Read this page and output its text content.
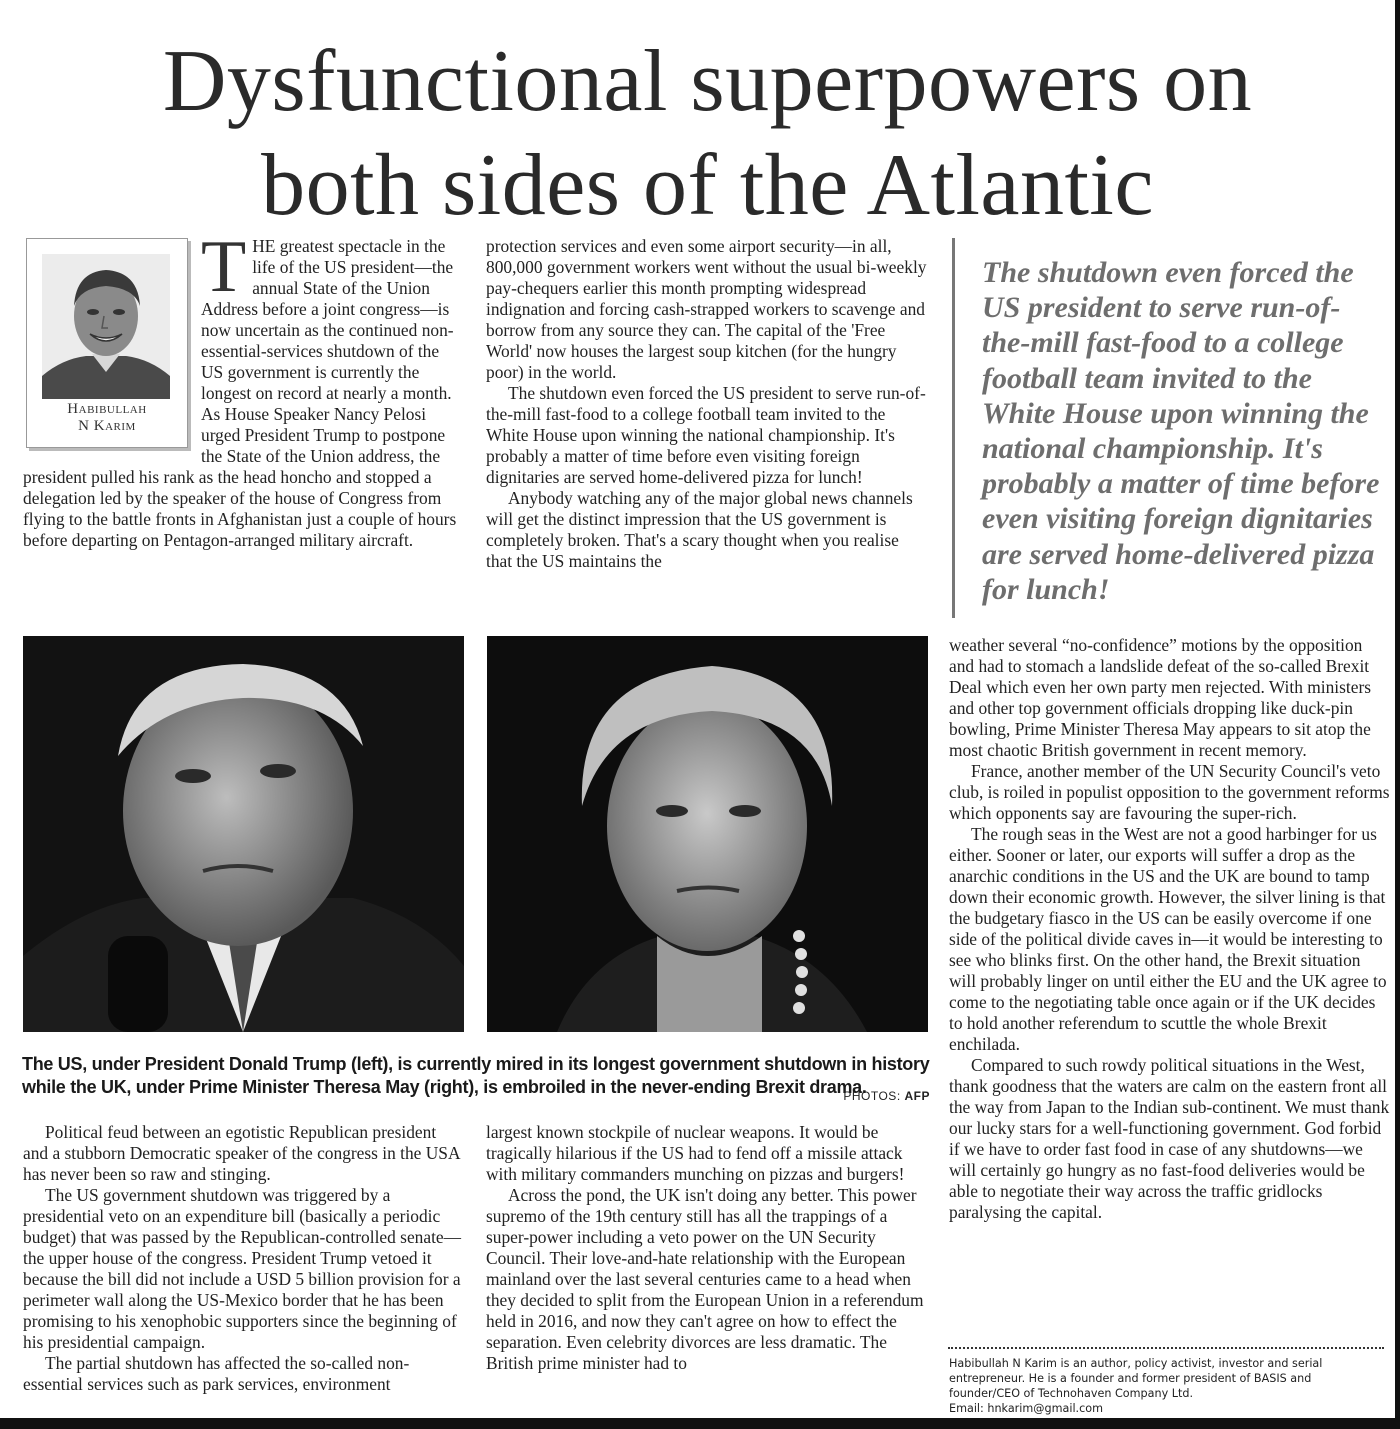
Dysfunctional superpowers on
both sides of the Atlantic
Habibullah
N Karim

THE greatest spectacle in the life of the US president—the annual State of the Union Address before a joint congress—is now uncertain as the continued non-essential-services shutdown of the US government is currently the longest on record at nearly a month.

As House Speaker Nancy Pelosi urged President Trump to postpone the State of the Union address, the president pulled his rank as the head honcho and stopped a delegation led by the speaker of the house of Congress from flying to the battle fronts in Afghanistan just a couple of hours before departing on Pentagon-arranged military aircraft.

protection services and even some airport security—in all, 800,000 government workers went without the usual bi-weekly pay-chequers earlier this month prompting widespread indignation and forcing cash-strapped workers to scavenge and borrow from any source they can. The capital of the 'Free World' now houses the largest soup kitchen (for the hungry poor) in the world.

The shutdown even forced the US president to serve run-of-the-mill fast-food to a college football team invited to the White House upon winning the national championship. It's probably a matter of time before even visiting foreign dignitaries are served home-delivered pizza for lunch!

Anybody watching any of the major global news channels will get the distinct impression that the US government is completely broken. That's a scary thought when you realise that the US maintains the

The shutdown even forced the US president to serve run-of-the-mill fast-food to a college football team invited to the White House upon winning the national championship. It's probably a matter of time before even visiting foreign dignitaries are served home-delivered pizza for lunch!
The US, under President Donald Trump (left), is currently mired in its longest government shutdown in history while the UK, under Prime Minister Theresa May (right), is embroiled in the never-ending Brexit drama.
PHOTOS: AFP

weather several “no-confidence” motions by the opposition and had to stomach a landslide defeat of the so-called Brexit Deal which even her own party men rejected. With ministers and other top government officials dropping like duck-pin bowling, Prime Minister Theresa May appears to sit atop the most chaotic British government in recent memory.

France, another member of the UN Security Council's veto club, is roiled in populist opposition to the government reforms which opponents say are favouring the super-rich.

The rough seas in the West are not a good harbinger for us either. Sooner or later, our exports will suffer a drop as the anarchic conditions in the US and the UK are bound to tamp down their economic growth. However, the silver lining is that the budgetary fiasco in the US can be easily overcome if one side of the political divide caves in—it would be interesting to see who blinks first. On the other hand, the Brexit situation will probably linger on until either the EU and the UK agree to come to the negotiating table once again or if the UK decides to hold another referendum to scuttle the whole Brexit enchilada.

Compared to such rowdy political situations in the West, thank goodness that the waters are calm on the eastern front all the way from Japan to the Indian sub-continent. We must thank our lucky stars for a well-functioning government. God forbid if we have to order fast food in case of any shutdowns—we will certainly go hungry as no fast-food deliveries would be able to negotiate their way across the traffic gridlocks paralysing the capital.

Political feud between an egotistic Republican president and a stubborn Democratic speaker of the congress in the USA has never been so raw and stinging.

The US government shutdown was triggered by a presidential veto on an expenditure bill (basically a periodic budget) that was passed by the Republican-controlled senate—the upper house of the congress. President Trump vetoed it because the bill did not include a USD 5 billion provision for a perimeter wall along the US-Mexico border that he has been promising to his xenophobic supporters since the beginning of his presidential campaign.

The partial shutdown has affected the so-called non-essential services such as park services, environment

largest known stockpile of nuclear weapons. It would be tragically hilarious if the US had to fend off a missile attack with military commanders munching on pizzas and burgers!

Across the pond, the UK isn't doing any better. This power supremo of the 19th century still has all the trappings of a super-power including a veto power on the UN Security Council. Their love-and-hate relationship with the European mainland over the last several centuries came to a head when they decided to split from the European Union in a referendum held in 2016, and now they can't agree on how to effect the separation. Even celebrity divorces are less dramatic. The British prime minister had to	Habibullah N Karim is an author, policy activist, investor and serial
entrepreneur. He is a founder and former president of BASIS and
founder/CEO of Technohaven Company Ltd.
Email: hnkarim@gmail.com
